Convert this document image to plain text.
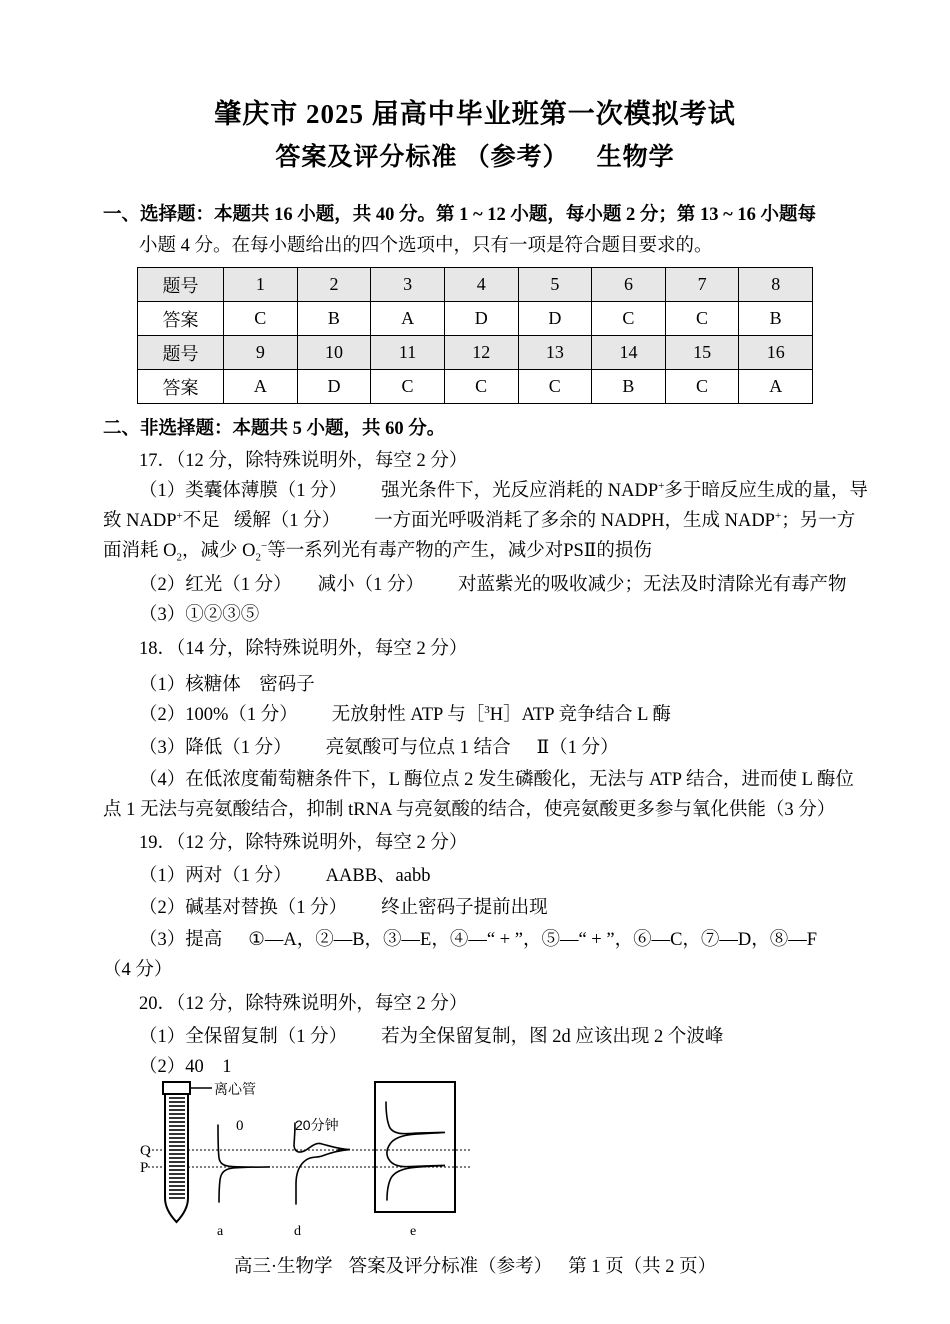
肇庆市 2025 届高中毕业班第一次模拟考试
答案及评分标准 （参考） 生物学
一、选择题：本题共 16 小题，共 40 分。第 1 ~ 12 小题，每小题 2 分；第 13 ~ 16 小题每
小题 4 分。在每小题给出的四个选项中，只有一项是符合题目要求的。
题号	1	2	3	4	5	6	7	8
答案	C	B	A	D	D	C	C	B
题号	9	10	11	12	13	14	15	16
答案	A	D	C	C	C	B	C	A
二、非选择题：本题共 5 小题，共 60 分。
17．（12 分，除特殊说明外，每空 2 分）
（1）类囊体薄膜（1 分） 强光条件下，光反应消耗的 NADP+多于暗反应生成的量，导
致 NADP+不足 缓解（1 分） 一方面光呼吸消耗了多余的 NADPH，生成 NADP+；另一方
面消耗 $O_2$，减少 $O_2^-$等一系列光有毒产物的产生，减少对PSⅡ的损伤
（2）红光（1 分） 减小（1 分） 对蓝紫光的吸收减少；无法及时清除光有毒产物
（3）①②③⑤
18．（14 分，除特殊说明外，每空 2 分）
（1）核糖体　密码子
（2）100%（1 分） 无放射性 ATP 与［$^3$H］ATP 竞争结合 L 酶
（3）降低（1 分） 亮氨酸可与位点 1 结合 Ⅱ（1 分）
（4）在低浓度葡萄糖条件下，L 酶位点 2 发生磷酸化，无法与 ATP 结合，进而使 L 酶位
点 1 无法与亮氨酸结合，抑制 tRNA 与亮氨酸的结合，使亮氨酸更多参与氧化供能（3 分）
19．（12 分，除特殊说明外，每空 2 分）
（1）两对（1 分） AABB、aabb
（2）碱基对替换（1 分） 终止密码子提前出现
（3）提高 ①—A，②—B，③—E，④—“ + ”，⑤—“ + ”，⑥—C，⑦—D，⑧—F
（4 分）
20．（12 分，除特殊说明外，每空 2 分）
（1）全保留复制（1 分） 若为全保留复制，图 2d 应该出现 2 个波峰
（2）40　1
离心管
Q
P
0
a
20分钟
d	e
高三·生物学 答案及评分标准（参考） 第 1 页（共 2 页）
